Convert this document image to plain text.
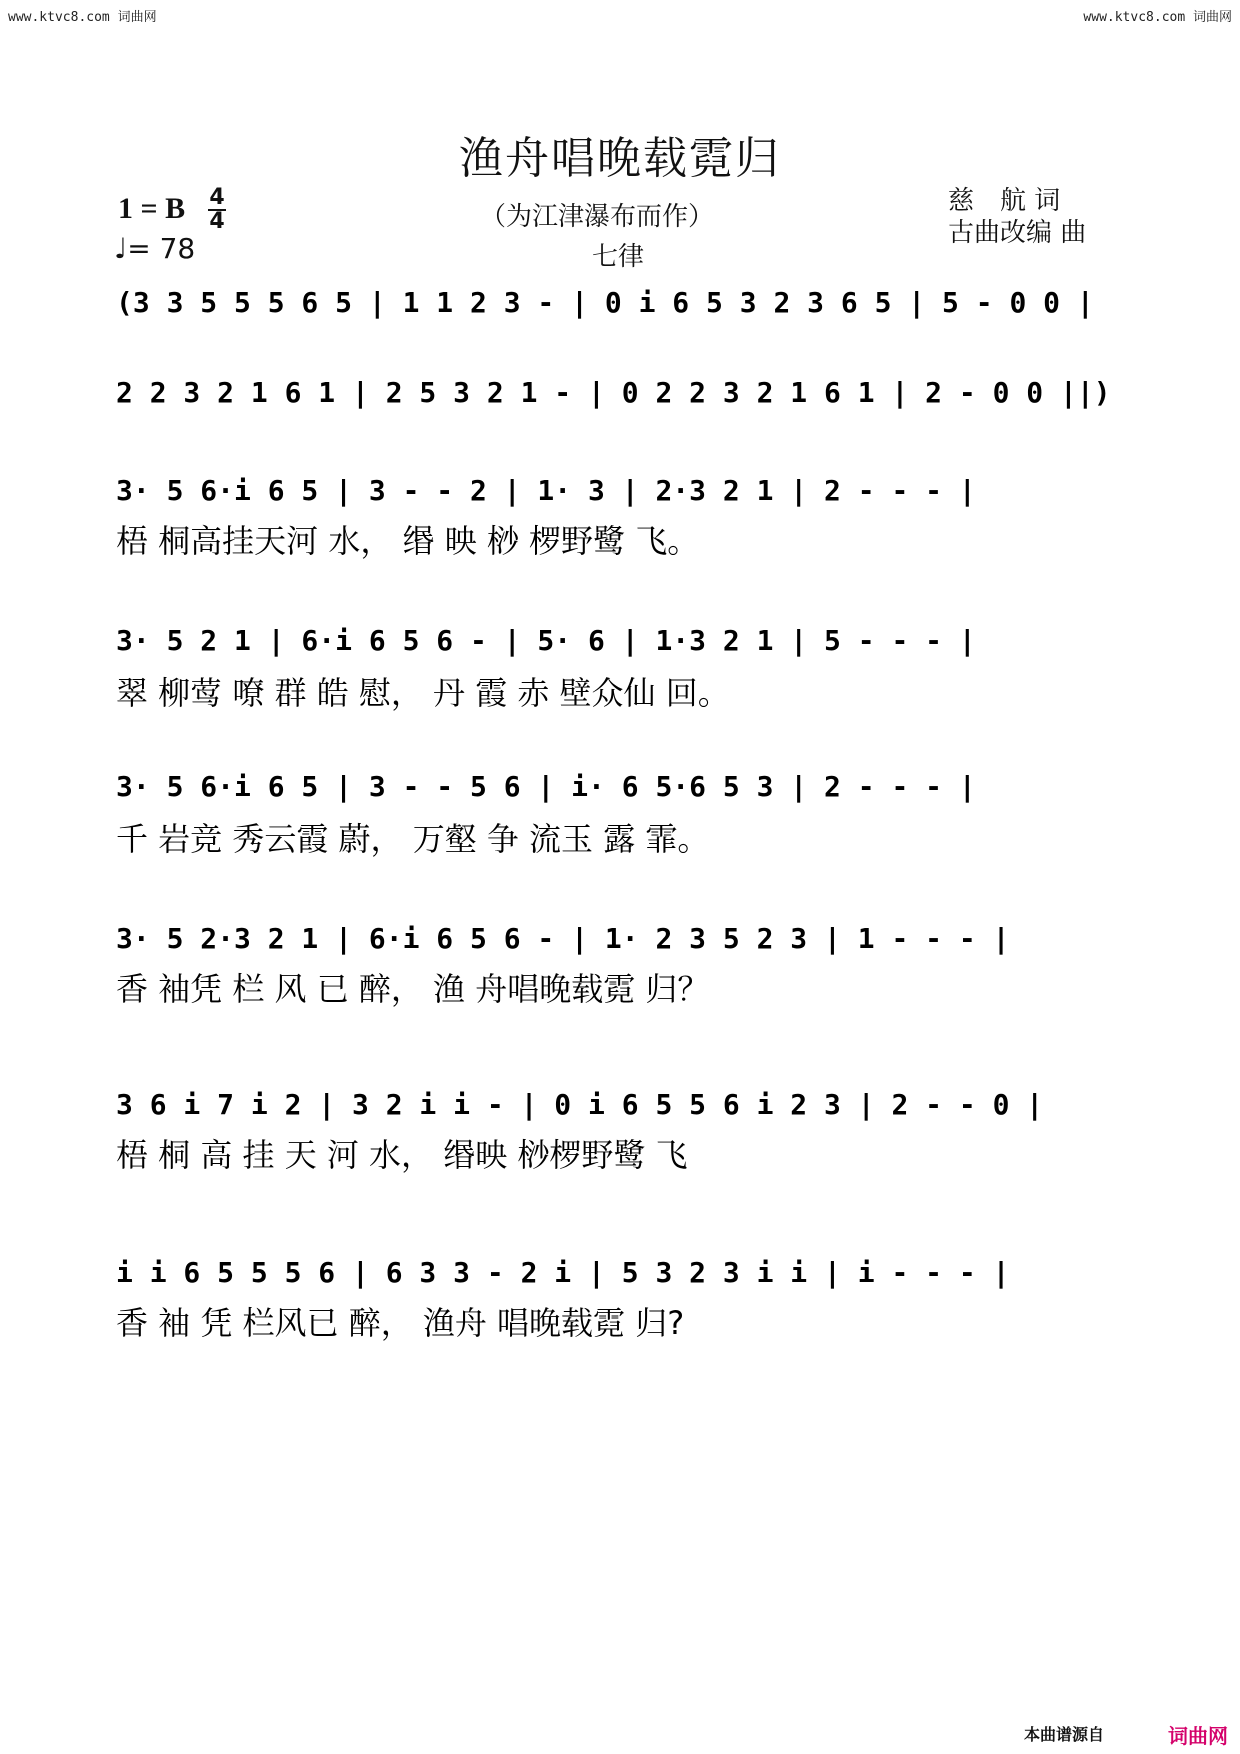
www.ktvc8.com 词曲网	www.ktvc8.com 词曲网
渔舟唱晚载霓归
（为江津瀑布而作）
七律
1 = B 4
4
♩= 78
慈　航 词
古曲改编 曲
(3 3 5 5 5 6 5 | 1 1 2 3 - | 0 i 6 5 3 2 3 6 5 | 5 - 0 0 |
2 2 3 2 1 6 1 | 2 5 3 2 1 - | 0 2 2 3 2 1 6 1 | 2 - 0 0 ||)
3· 5 6·i 6 5 | 3 - - 2 | 1· 3 | 2·3 2 1 | 2 - - - |
梧 桐高挂天河 水， 缗 映 桫 椤野鹭 飞。
3· 5 2 1 | 6·i 6 5 6 - | 5· 6 | 1·3 2 1 | 5 - - - |
翠 柳莺 嘹 群 皓 慰， 丹 霞 赤 壁众仙 回。
3· 5 6·i 6 5 | 3 - - 5 6 | i· 6 5·6 5 3 | 2 - - - |
千 岩竞 秀云霞 蔚， 万壑 争 流玉 露 霏。
3· 5 2·3 2 1 | 6·i 6 5 6 - | 1· 2 3 5 2 3 | 1 - - - |
香 袖凭 栏 风 已 醉， 渔 舟唱晚载霓 归？
3 6 i 7 i 2 | 3 2 i i - | 0 i 6 5 5 6 i 2 3 | 2 - - 0 |
梧 桐 高 挂 天 河 水， 缗映 桫椤野鹭 飞
i i 6 5 5 5 6 | 6 3 3 - 2 i | 5 3 2 3 i i | i - - - |
香 袖 凭 栏风已 醉， 渔舟 唱晚载霓 归?
本曲谱源自	词曲网
